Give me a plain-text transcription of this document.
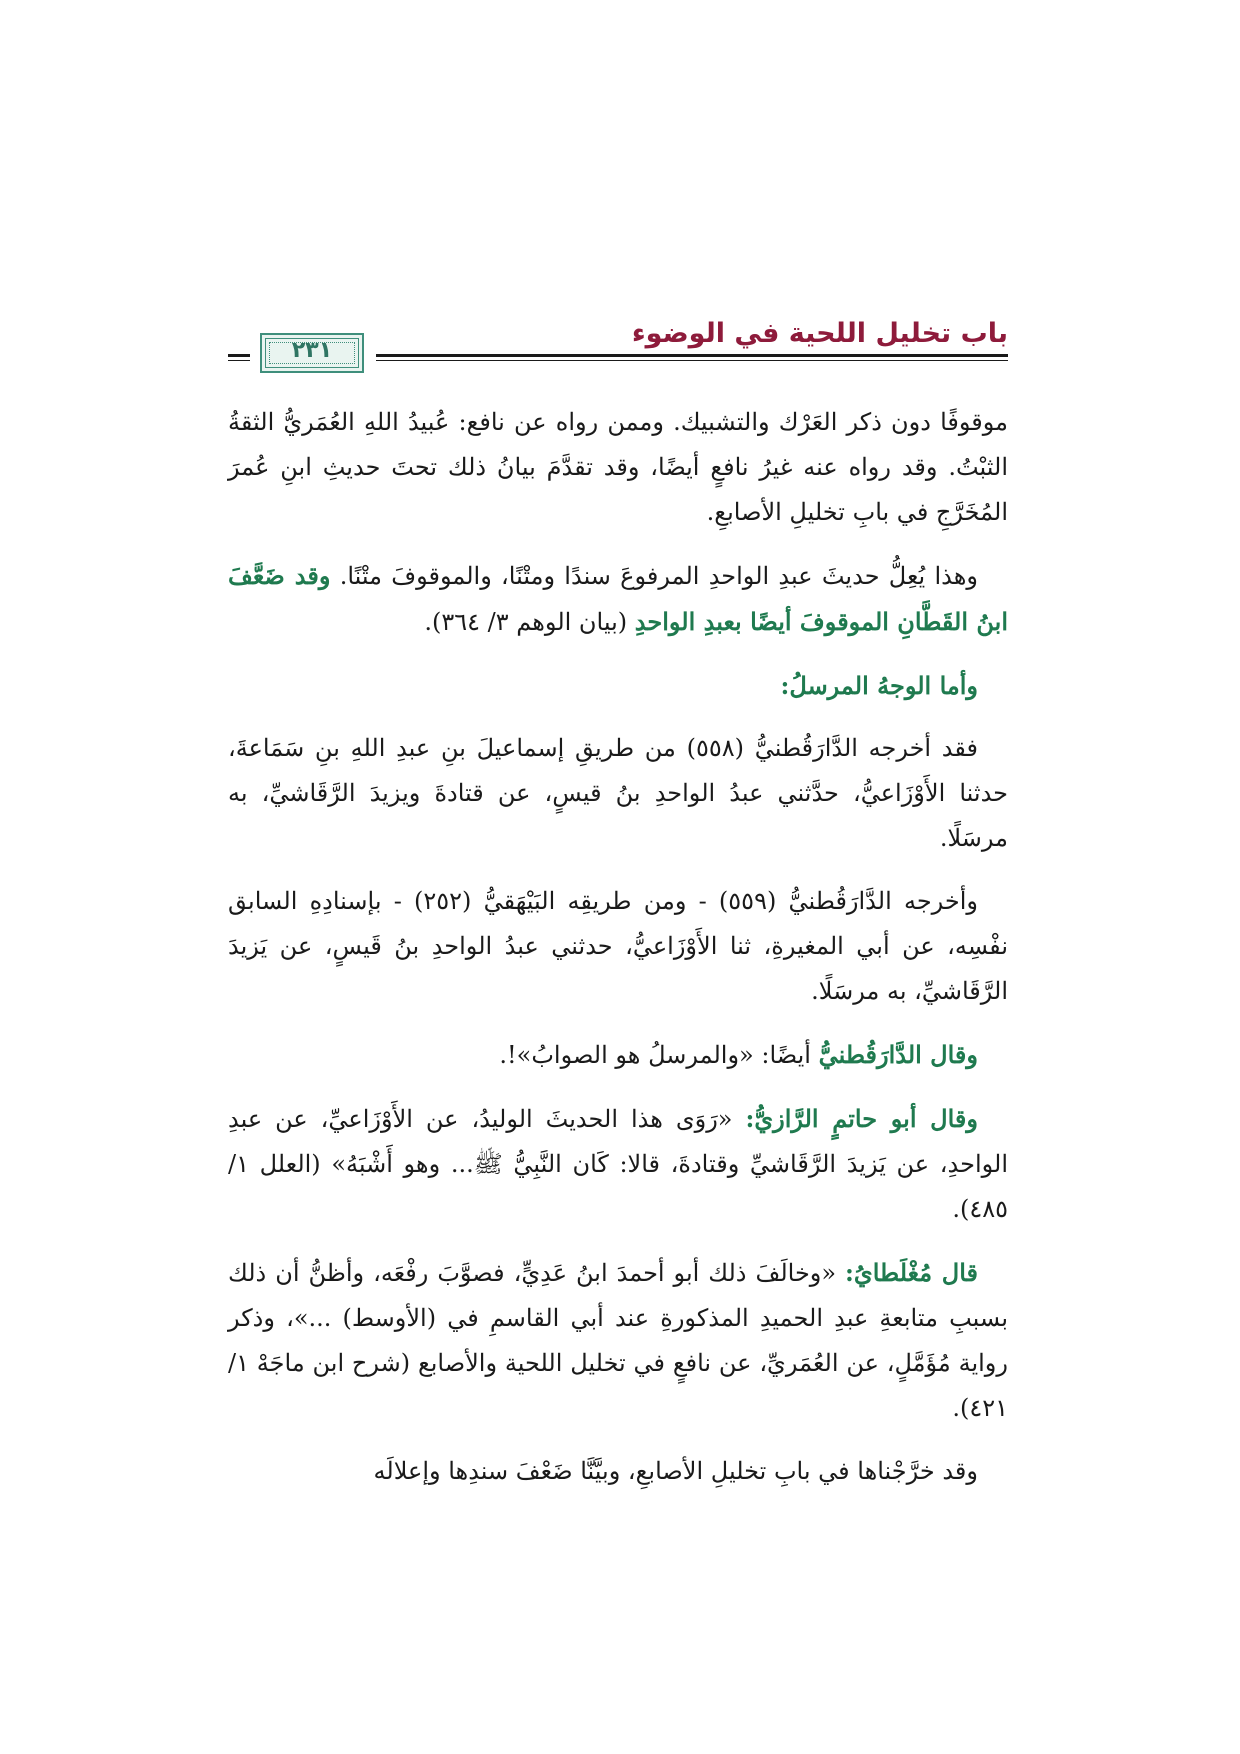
باب تخليل اللحية في الوضوء
٢٣١

موقوفًا دون ذكر العَرْك والتشبيك. وممن رواه عن نافع: عُبيدُ اللهِ العُمَريُّ الثقةُ الثبْتُ. وقد رواه عنه غيرُ نافعٍ أيضًا، وقد تقدَّمَ بيانُ ذلك تحتَ حديثِ ابنِ عُمرَ المُخَرَّجِ في بابِ تخليلِ الأصابعِ.

وهذا يُعِلُّ حديثَ عبدِ الواحدِ المرفوعَ سندًا ومتْنًا، والموقوفَ متْنًا. وقد ضَعَّفَ ابنُ القَطَّانِ الموقوفَ أيضًا بعبدِ الواحدِ (بيان الوهم ٣/ ٣٦٤).

وأما الوجهُ المرسلُ:

فقد أخرجه الدَّارَقُطنيُّ (٥٥٨) من طريقِ إسماعيلَ بنِ عبدِ اللهِ بنِ سَمَاعةَ، حدثنا الأَوْزَاعيُّ، حدَّثني عبدُ الواحدِ بنُ قيسٍ، عن قتادةَ ويزيدَ الرَّقَاشيِّ، به مرسَلًا.

وأخرجه الدَّارَقُطنيُّ (٥٥٩) - ومن طريقِه البَيْهَقيُّ (٢٥٢) - بإسنادِهِ السابق نفْسِه، عن أبي المغيرةِ، ثنا الأَوْزَاعيُّ، حدثني عبدُ الواحدِ بنُ قَيسٍ، عن يَزيدَ الرَّقَاشيِّ، به مرسَلًا.

وقال الدَّارَقُطنيُّ أيضًا: «والمرسلُ هو الصوابُ»!.

وقال أبو حاتمٍ الرَّازيُّ: «رَوَى هذا الحديثَ الوليدُ، عن الأَوْزَاعيِّ، عن عبدِ الواحدِ، عن يَزيدَ الرَّقَاشيِّ وقتادةَ، قالا: كَان النَّبِيُّ ﷺ... وهو أَشْبَهُ» (العلل ١/ ٤٨٥).

قال مُغْلَطايُ: «وخالَفَ ذلك أبو أحمدَ ابنُ عَدِيٍّ، فصوَّبَ رفْعَه، وأظنُّ أن ذلك بسببِ متابعةِ عبدِ الحميدِ المذكورةِ عند أبي القاسمِ في (الأوسط) ...»، وذكر رواية مُؤَمَّلٍ، عن العُمَريِّ، عن نافعٍ في تخليل اللحية والأصابع (شرح ابن ماجَهْ ١/ ٤٢١).

وقد خرَّجْناها في بابِ تخليلِ الأصابعِ، وبيَّنَّا ضَعْفَ سندِها وإعلالَه
